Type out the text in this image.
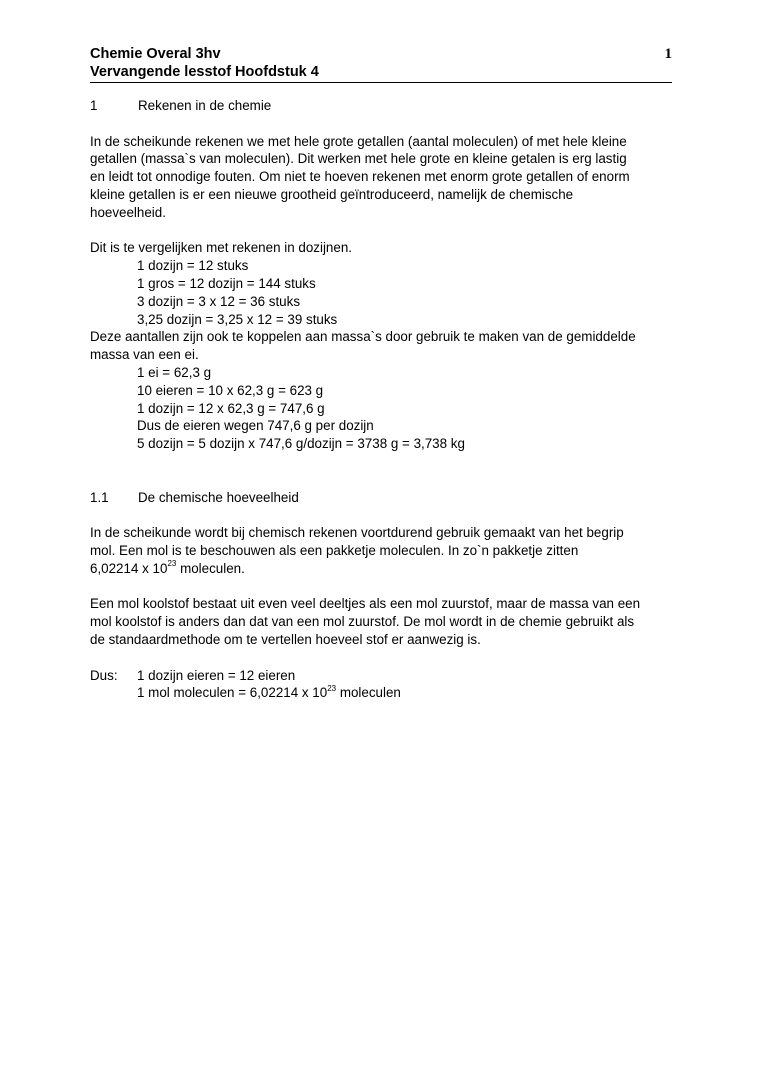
Chemie Overal 3hv
Vervangende lesstof Hoofdstuk 4
1
1	Rekenen in de chemie

In de scheikunde rekenen we met hele grote getallen (aantal moleculen) of met hele kleine

getallen (massa`s van moleculen). Dit werken met hele grote en kleine getalen is erg lastig

en leidt tot onnodige fouten. Om niet te hoeven rekenen met enorm grote getallen of enorm

kleine getallen is er een nieuwe grootheid geïntroduceerd, namelijk de chemische

hoeveelheid.

Dit is te vergelijken met rekenen in dozijnen.

1 dozijn = 12 stuks

1 gros = 12 dozijn = 144 stuks

3 dozijn = 3 x 12 = 36 stuks

3,25 dozijn = 3,25 x 12 = 39 stuks

Deze aantallen zijn ook te koppelen aan massa`s door gebruik te maken van de gemiddelde

massa van een ei.

1 ei = 62,3 g

10 eieren = 10 x 62,3 g = 623 g

1 dozijn = 12 x 62,3 g = 747,6 g

Dus de eieren wegen 747,6 g per dozijn

5 dozijn = 5 dozijn x 747,6 g/dozijn = 3738 g = 3,738 kg

1.1	De chemische hoeveelheid

In de scheikunde wordt bij chemisch rekenen voortdurend gebruik gemaakt van het begrip

mol. Een mol is te beschouwen als een pakketje moleculen. In zo`n pakketje zitten

6,02214 x $10^{23}$ moleculen.

Een mol koolstof bestaat uit even veel deeltjes als een mol zuurstof, maar de massa van een

mol koolstof is anders dan dat van een mol zuurstof. De mol wordt in de chemie gebruikt als

de standaardmethode om te vertellen hoeveel stof er aanwezig is.

Dus:	1 dozijn eieren = 12 eieren

1 mol moleculen = 6,02214 x $10^{23}$ moleculen
